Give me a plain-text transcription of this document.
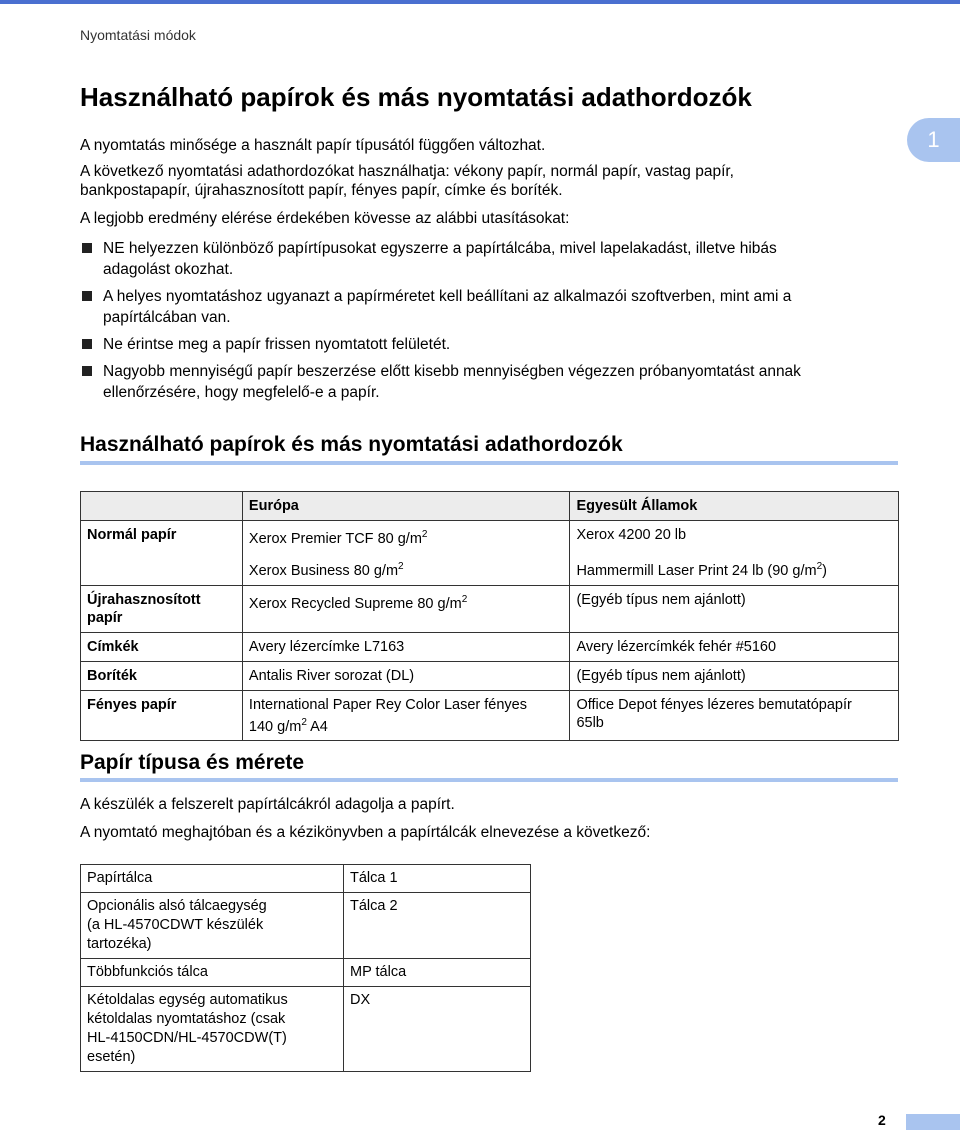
Nyomtatási módok
1
Használható papírok és más nyomtatási adathordozók

A nyomtatás minősége a használt papír típusától függően változhat.

A következő nyomtatási adathordozókat használhatja: vékony papír, normál papír, vastag papír,
bankpostapapír, újrahasznosított papír, fényes papír, címke és boríték.

A legjobb eredmény elérése érdekében kövesse az alábbi utasításokat:

NE helyezzen különböző papírtípusokat egyszerre a papírtálcába, mivel lapelakadást, illetve hibás
adagolást okozhat.
A helyes nyomtatáshoz ugyanazt a papírméretet kell beállítani az alkalmazói szoftverben, mint ami a
papírtálcában van.
Ne érintse meg a papír frissen nyomtatott felületét.
Nagyobb mennyiségű papír beszerzése előtt kisebb mennyiségben végezzen próbanyomtatást annak
ellenőrzésére, hogy megfelelő-e a papír.
Használható papírok és más nyomtatási adathordozók
	Európa	Egyesült Államok
Normál papír	Xerox Premier TCF 80 $g/m^2$	Xerox 4200 20 lb
	Xerox Business 80 $g/m^2$	Hammermill Laser Print 24 lb (90 $g/m^2$)
Újrahasznosított
papír	Xerox Recycled Supreme 80 $g/m^2$	(Egyéb típus nem ajánlott)
Címkék	Avery lézercímke L7163	Avery lézercímkék fehér #5160
Boríték	Antalis River sorozat (DL)	(Egyéb típus nem ajánlott)
Fényes papír	International Paper Rey Color Laser fényes
140 $g/m^2$ A4	Office Depot fényes lézeres bemutatópapír
65lb
Papír típusa és mérete

A készülék a felszerelt papírtálcákról adagolja a papírt.

A nyomtató meghajtóban és a kézikönyvben a papírtálcák elnevezése a következő:

Papírtálca	Tálca 1
Opcionális alsó tálcaegység
(a HL-4570CDWT készülék
tartozéka)	Tálca 2
Többfunkciós tálca	MP tálca
Kétoldalas egység automatikus
kétoldalas nyomtatáshoz (csak
HL-4150CDN/HL-4570CDW(T)
esetén)	DX
2
